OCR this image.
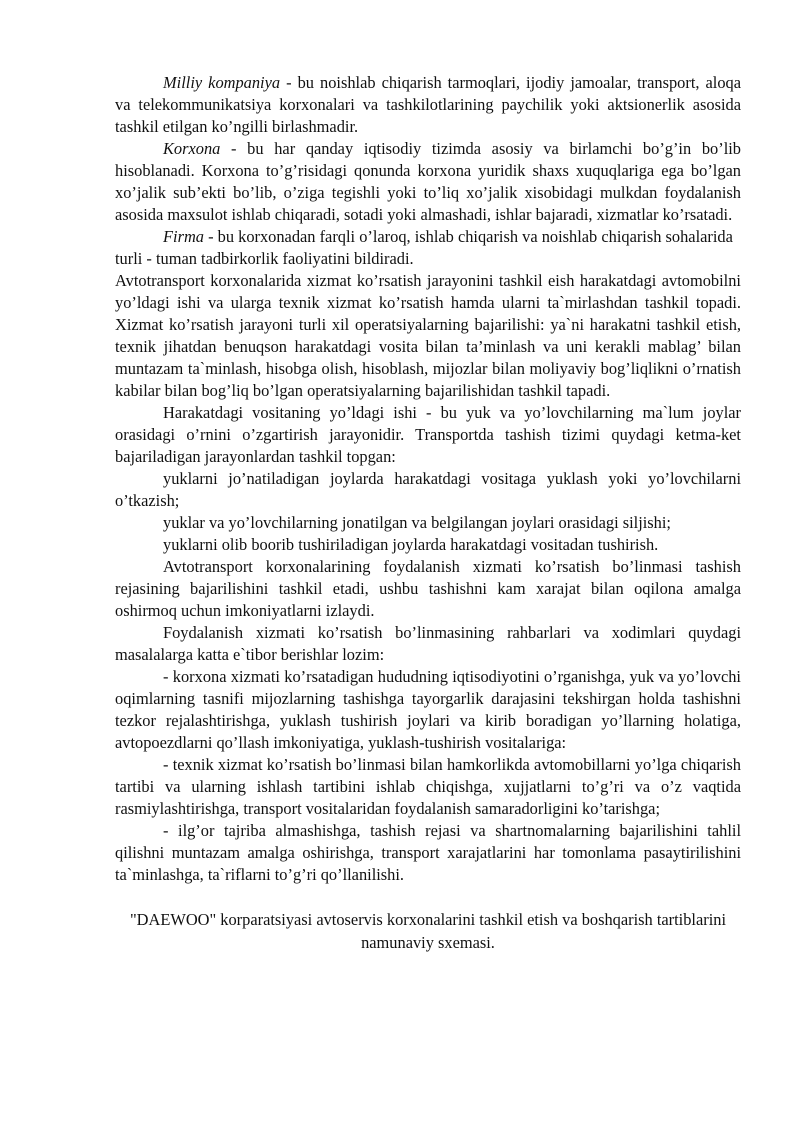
Milliy kompaniya - bu noishlab chiqarish tarmoqlari, ijodiy jamoalar, transport, aloqa va telekommunikatsiya korxonalari va tashkilotlarining paychilik yoki aktsionerlik asosida tashkil etilgan ko’ngilli birlashmadir.

Korxona - bu har qanday iqtisodiy tizimda asosiy va birlamchi bo’g’in bo’lib hisoblanadi. Korxona to’g’risidagi qonunda korxona yuridik shaxs xuquqlariga ega bo’lgan xo’jalik sub’ekti bo’lib, o’ziga tegishli yoki to’liq xo’jalik xisobidagi mulkdan foydalanish asosida maxsulot ishlab chiqaradi, sotadi yoki almashadi, ishlar bajaradi, xizmatlar ko’rsatadi.

Firma - bu korxonadan farqli o’laroq, ishlab chiqarish va noishlab chiqarish sohalarida turli - tuman tadbirkorlik faoliyatini bildiradi.

Avtotransport korxonalarida xizmat ko’rsatish jarayonini tashkil eish harakatdagi avtomobilni yo’ldagi ishi va ularga texnik xizmat ko’rsatish hamda ularni ta`mirlashdan tashkil topadi. Xizmat ko’rsatish jarayoni turli xil operatsiyalarning bajarilishi: ya`ni harakatni tashkil etish, texnik jihatdan benuqson harakatdagi vosita bilan ta’minlash va uni kerakli mablag’ bilan muntazam ta`minlash, hisobga olish, hisoblash, mijozlar bilan moliyaviy bog’liqlikni o’rnatish kabilar bilan bog’liq bo’lgan operatsiyalarning bajarilishidan tashkil tapadi.

Harakatdagi vositaning yo’ldagi ishi - bu yuk va yo’lovchilarning ma`lum joylar orasidagi o’rnini o’zgartirish jarayonidir. Transportda tashish tizimi quydagi ketma-ket bajariladigan jarayonlardan tashkil topgan:

yuklarni jo’natiladigan joylarda harakatdagi vositaga yuklash yoki yo’lovchilarni o’tkazish;

yuklar va yo’lovchilarning jonatilgan va belgilangan joylari orasidagi siljishi;

yuklarni olib boorib tushiriladigan joylarda harakatdagi vositadan tushirish.

Avtotransport korxonalarining foydalanish xizmati ko’rsatish bo’linmasi tashish rejasining bajarilishini tashkil etadi, ushbu tashishni kam xarajat bilan oqilona amalga oshirmoq uchun imkoniyatlarni izlaydi.

Foydalanish xizmati ko’rsatish bo’linmasining rahbarlari va xodimlari quydagi masalalarga katta e`tibor berishlar lozim:

- korxona xizmati ko’rsatadigan hududning iqtisodiyotini o’rganishga, yuk va yo’lovchi oqimlarning tasnifi mijozlarning tashishga tayorgarlik darajasini tekshirgan holda tashishni tezkor rejalashtirishga, yuklash tushirish joylari va kirib boradigan yo’llarning holatiga, avtopoezdlarni qo’llash imkoniyatiga, yuklash-tushirish vositalariga:

- texnik xizmat ko’rsatish bo’linmasi bilan hamkorlikda avtomobillarni yo’lga chiqarish tartibi va ularning ishlash tartibini ishlab chiqishga, xujjatlarni to’g’ri va o’z vaqtida rasmiylashtirishga, transport vositalaridan foydalanish samaradorligini ko’tarishga;

- ilg’or tajriba almashishga, tashish rejasi va shartnomalarning bajarilishini tahlil qilishni muntazam amalga oshirishga, transport xarajatlarini har tomonlama pasaytirilishini ta`minlashga, ta`riflarni to’g’ri qo’llanilishi.

"DAEWOO" korparatsiyasi avtoservis korxonalarini tashkil etish va boshqarish tartiblarini namunaviy sxemasi.
